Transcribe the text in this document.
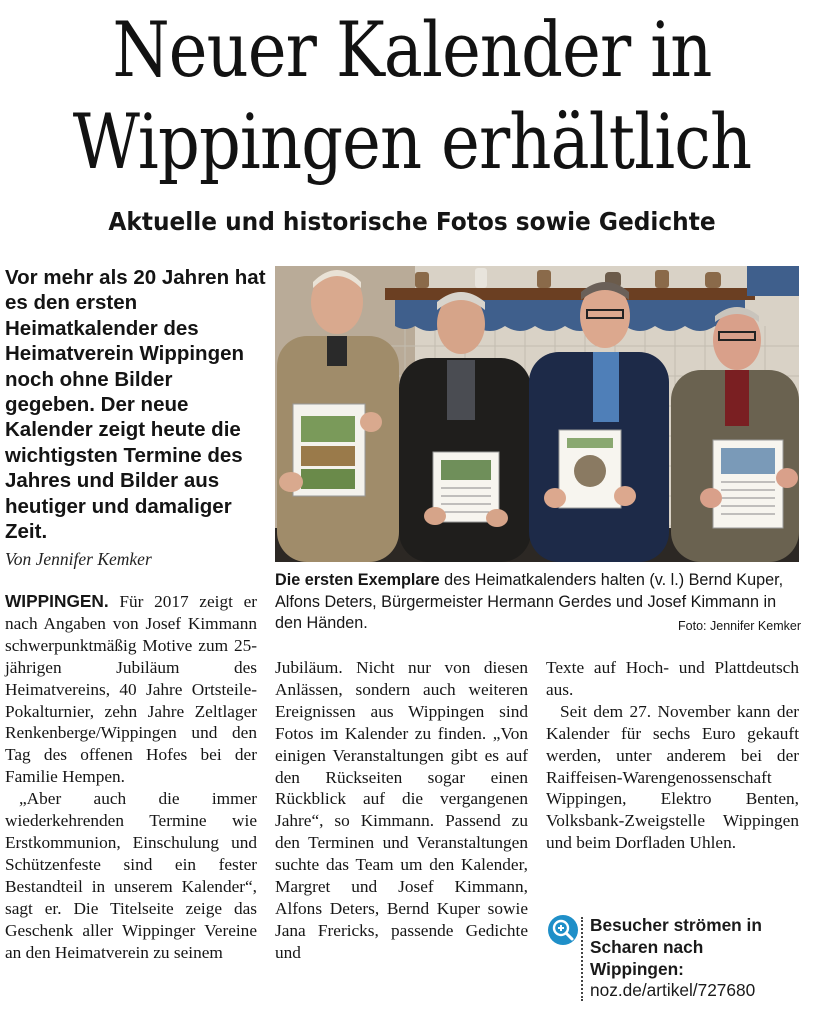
Neuer Kalender in
Wippingen erhältlich
Aktuelle und historische Fotos sowie Gedichte

Vor mehr als 20 Jahren hat es den ersten Heimatkalender des Heimatverein Wippingen noch ohne Bilder gegeben. Der neue Kalender zeigt heute die wichtigsten Termine des Jahres und Bilder aus heutiger und damaliger Zeit.

Von Jennifer Kemker

Die ersten Exemplare des Heimatkalenders halten (v. l.) Bernd Kuper, Alfons Deters, Bürgermeister Hermann Gerdes und Josef Kimmann in den Händen.	Foto: Jennifer Kemker

WIPPINGEN. Für 2017 zeigt er nach Angaben von Josef Kimmann schwerpunktmäßig Motive zum 25-jährigen Jubiläum des Heimatvereins, 40 Jahre Ortsteile-Pokalturnier, zehn Jahre Zeltlager Renkenberge/Wippingen und den Tag des offenen Hofes bei der Familie Hempen.

„Aber auch die immer wiederkehrenden Termine wie Erstkommunion, Einschulung und Schützenfeste sind ein fester Bestandteil in unserem Kalender“, sagt er. Die Titelseite zeige das Geschenk aller Wippinger Vereine an den Heimatverein zu seinem

Jubiläum. Nicht nur von diesen Anlässen, sondern auch weiteren Ereignissen aus Wippingen sind Fotos im Kalender zu finden. „Von einigen Veranstaltungen gibt es auf den Rückseiten sogar einen Rückblick auf die vergangenen Jahre“, so Kimmann. Passend zu den Terminen und Veranstaltungen suchte das Team um den Kalender, Margret und Josef Kimmann, Alfons Deters, Bernd Kuper sowie Jana Frericks, passende Gedichte und

Texte auf Hoch- und Plattdeutsch aus.

Seit dem 27. November kann der Kalender für sechs Euro gekauft werden, unter anderem bei der Raiffeisen-Warengenossenschaft Wippingen, Elektro Benten, Volksbank-Zweigstelle Wippingen und beim Dorfladen Uhlen.

Besucher strömen in Scharen nach Wippingen: noz.de/artikel/727680
